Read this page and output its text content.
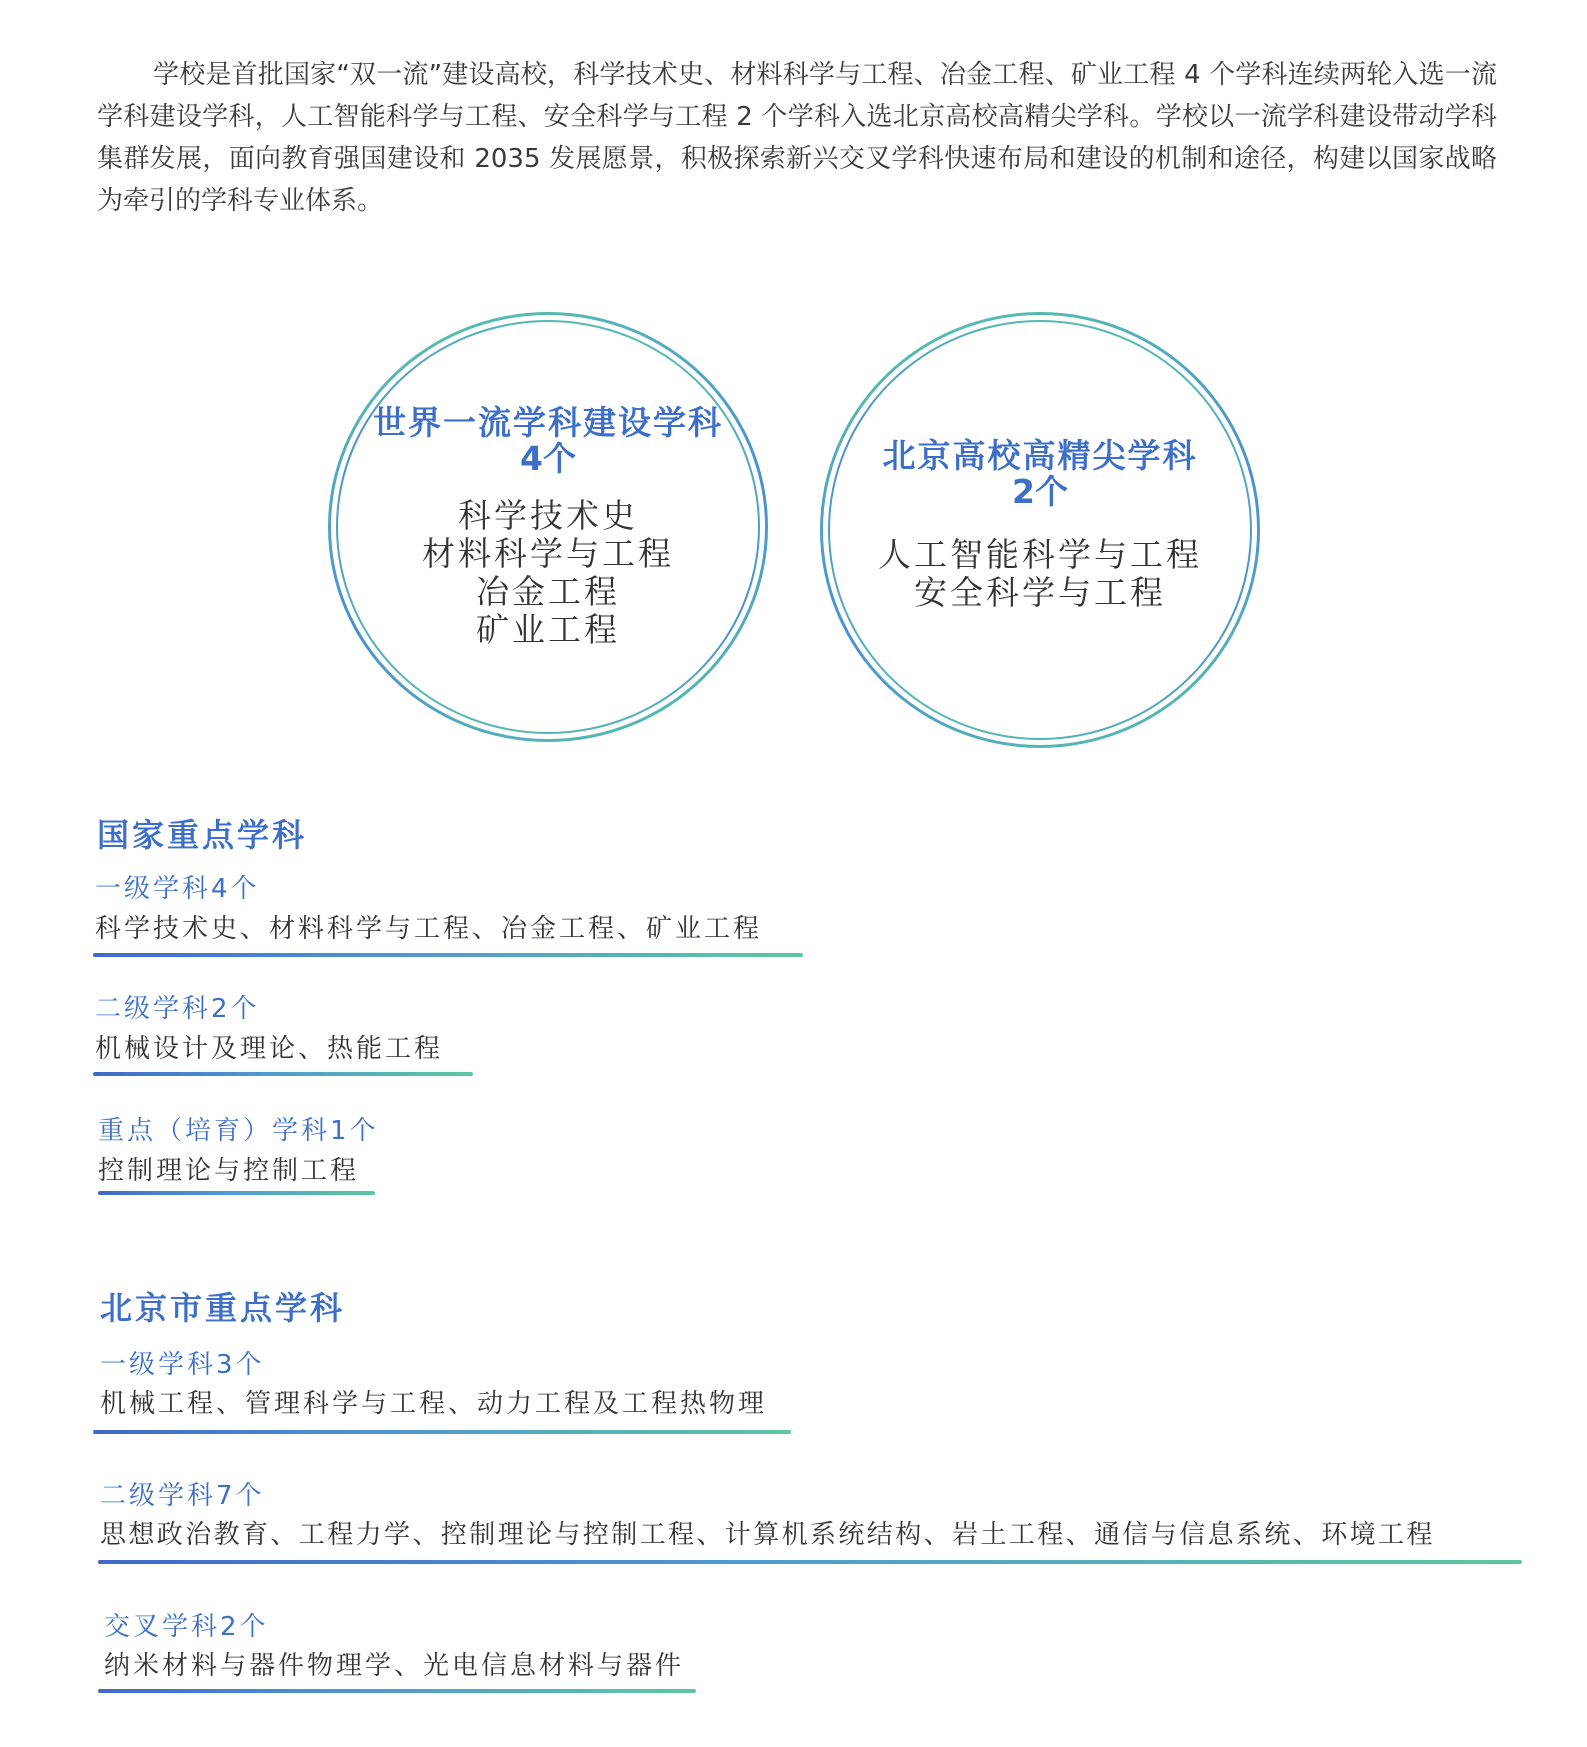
学校是首批国家“双一流”建设高校，科学技术史、材料科学与工程、冶金工程、矿业工程 4 个学科连续两轮入选一流学科建设学科，人工智能科学与工程、安全科学与工程 2 个学科入选北京高校高精尖学科。学校以一流学科建设带动学科集群发展，面向教育强国建设和 2035 发展愿景，积极探索新兴交叉学科快速布局和建设的机制和途径，构建以国家战略为牵引的学科专业体系。

世界一流学科建设学科
4个
科学技术史
材料科学与工程
冶金工程
矿业工程
北京高校高精尖学科
2个
人工智能科学与工程
安全科学与工程
国家重点学科
一级学科4个
科学技术史、材料科学与工程、冶金工程、矿业工程
二级学科2个
机械设计及理论、热能工程
重点（培育）学科1个
控制理论与控制工程
北京市重点学科
一级学科3个
机械工程、管理科学与工程、动力工程及工程热物理
二级学科7个
思想政治教育、工程力学、控制理论与控制工程、计算机系统结构、岩土工程、通信与信息系统、环境工程
交叉学科2个
纳米材料与器件物理学、光电信息材料与器件
